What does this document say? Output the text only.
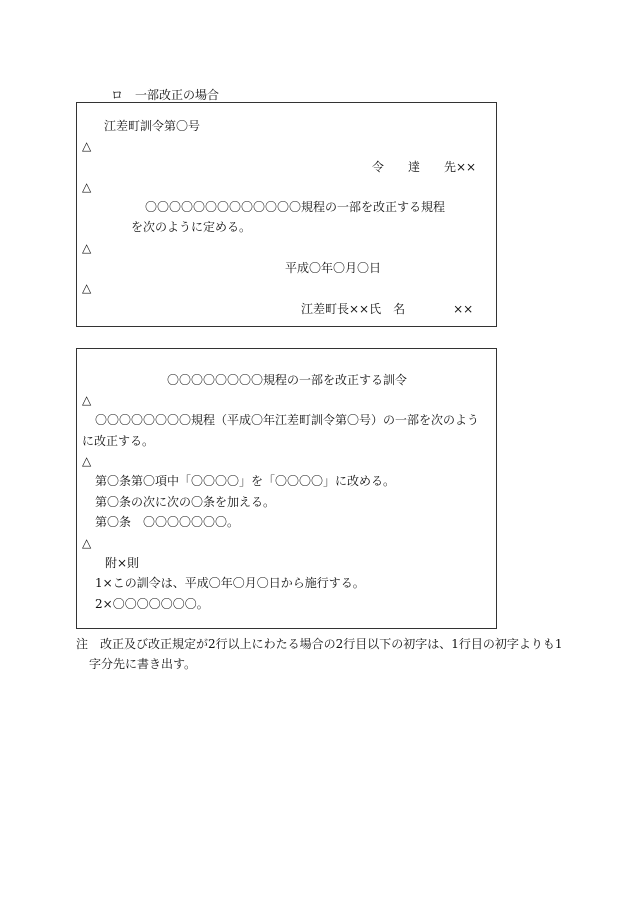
ロ　一部改正の場合
江差町訓令第〇号
△
令　　達　　先××
△
〇〇〇〇〇〇〇〇〇〇〇〇〇規程の一部を改正する規程
を次のように定める。
△
平成〇年〇月〇日
△
江差町長××氏　名　　　　××
〇〇〇〇〇〇〇〇規程の一部を改正する訓令
△
〇〇〇〇〇〇〇〇規程（平成〇年江差町訓令第〇号）の一部を次のよう
に改正する。
△
第〇条第〇項中「〇〇〇〇」を「〇〇〇〇」に改める。
第〇条の次に次の〇条を加える。
第〇条　〇〇〇〇〇〇〇。
△
附×則
1×この訓令は、平成〇年〇月〇日から施行する。
2×〇〇〇〇〇〇〇。
注　改正及び改正規定が2行以上にわたる場合の2行目以下の初字は、1行目の初字よりも1
字分先に書き出す。
